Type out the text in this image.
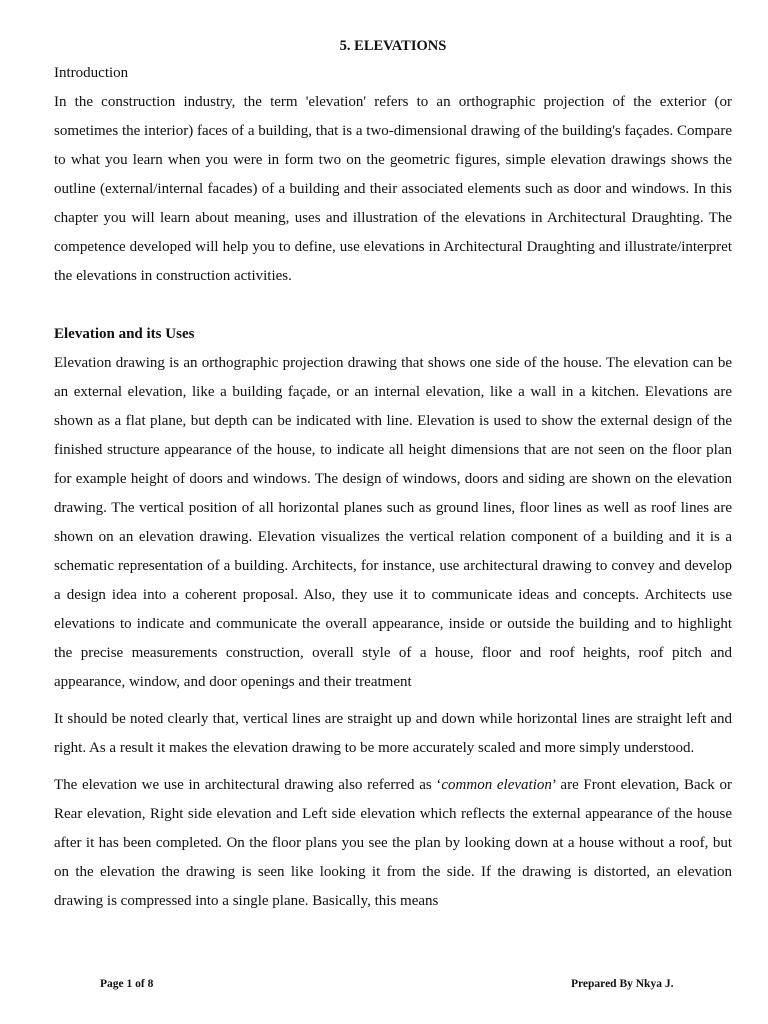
5. ELEVATIONS
Introduction

In the construction industry, the term 'elevation' refers to an orthographic projection of the exterior (or sometimes the interior) faces of a building, that is a two-dimensional drawing of the building's façades. Compare to what you learn when you were in form two on the geometric figures, simple elevation drawings shows the outline (external/internal facades) of a building and their associated elements such as door and windows. In this chapter you will learn about meaning, uses and illustration of the elevations in Architectural Draughting. The competence developed will help you to define, use elevations in Architectural Draughting and illustrate/interpret the elevations in construction activities.

Elevation and its Uses

Elevation drawing is an orthographic projection drawing that shows one side of the house. The elevation can be an external elevation, like a building façade, or an internal elevation, like a wall in a kitchen. Elevations are shown as a flat plane, but depth can be indicated with line. Elevation is used to show the external design of the finished structure appearance of the house, to indicate all height dimensions that are not seen on the floor plan for example height of doors and windows. The design of windows, doors and siding are shown on the elevation drawing. The vertical position of all horizontal planes such as ground lines, floor lines as well as roof lines are shown on an elevation drawing. Elevation visualizes the vertical relation component of a building and it is a schematic representation of a building. Architects, for instance, use architectural drawing to convey and develop a design idea into a coherent proposal. Also, they use it to communicate ideas and concepts. Architects use elevations to indicate and communicate the overall appearance, inside or outside the building and to highlight the precise measurements construction, overall style of a house, floor and roof heights, roof pitch and appearance, window, and door openings and their treatment

It should be noted clearly that, vertical lines are straight up and down while horizontal lines are straight left and right. As a result it makes the elevation drawing to be more accurately scaled and more simply understood.

The elevation we use in architectural drawing also referred as ‘common elevation’ are Front elevation, Back or Rear elevation, Right side elevation and Left side elevation which reflects the external appearance of the house after it has been completed. On the floor plans you see the plan by looking down at a house without a roof, but on the elevation the drawing is seen like looking it from the side. If the drawing is distorted, an elevation drawing is compressed into a single plane. Basically, this means

Page 1 of 8	Prepared By Nkya J.
